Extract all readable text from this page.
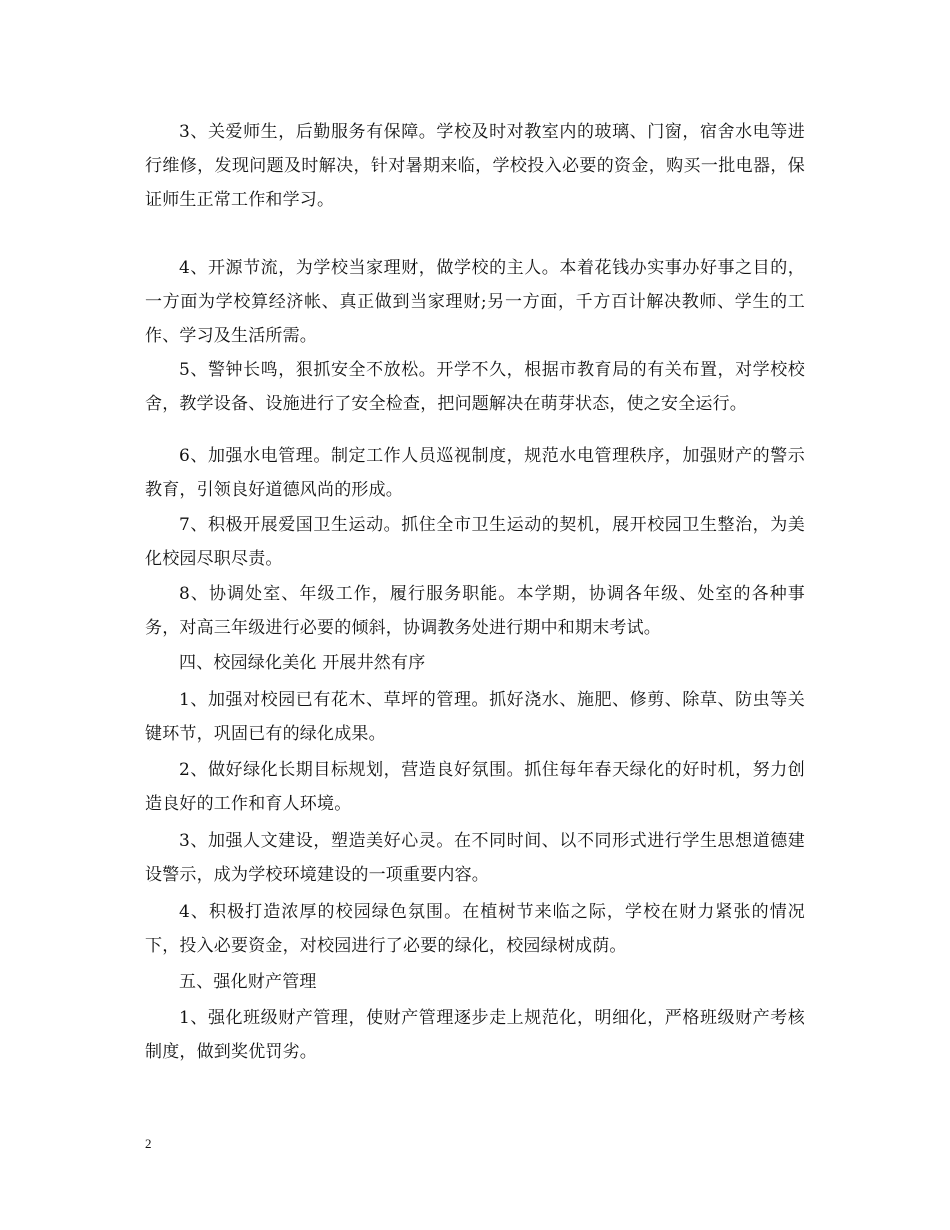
3、关爱师生，后勤服务有保障。学校及时对教室内的玻璃、门窗，宿舍水电等进行维修，发现问题及时解决，针对暑期来临，学校投入必要的资金，购买一批电器，保证师生正常工作和学习。

4、开源节流，为学校当家理财，做学校的主人。本着花钱办实事办好事之目的，一方面为学校算经济帐、真正做到当家理财;另一方面，千方百计解决教师、学生的工作、学习及生活所需。

5、警钟长鸣，狠抓安全不放松。开学不久，根据市教育局的有关布置，对学校校舍，教学设备、设施进行了安全检查，把问题解决在萌芽状态，使之安全运行。

6、加强水电管理。制定工作人员巡视制度，规范水电管理秩序，加强财产的警示教育，引领良好道德风尚的形成。

7、积极开展爱国卫生运动。抓住全市卫生运动的契机，展开校园卫生整治，为美化校园尽职尽责。

8、协调处室、年级工作，履行服务职能。本学期，协调各年级、处室的各种事务，对高三年级进行必要的倾斜，协调教务处进行期中和期末考试。

四、校园绿化美化 开展井然有序

1、加强对校园已有花木、草坪的管理。抓好浇水、施肥、修剪、除草、防虫等关键环节，巩固已有的绿化成果。

2、做好绿化长期目标规划，营造良好氛围。抓住每年春天绿化的好时机，努力创造良好的工作和育人环境。

3、加强人文建设，塑造美好心灵。在不同时间、以不同形式进行学生思想道德建设警示，成为学校环境建设的一项重要内容。

4、积极打造浓厚的校园绿色氛围。在植树节来临之际，学校在财力紧张的情况下，投入必要资金，对校园进行了必要的绿化，校园绿树成荫。

五、强化财产管理

1、强化班级财产管理，使财产管理逐步走上规范化，明细化，严格班级财产考核制度，做到奖优罚劣。

2
